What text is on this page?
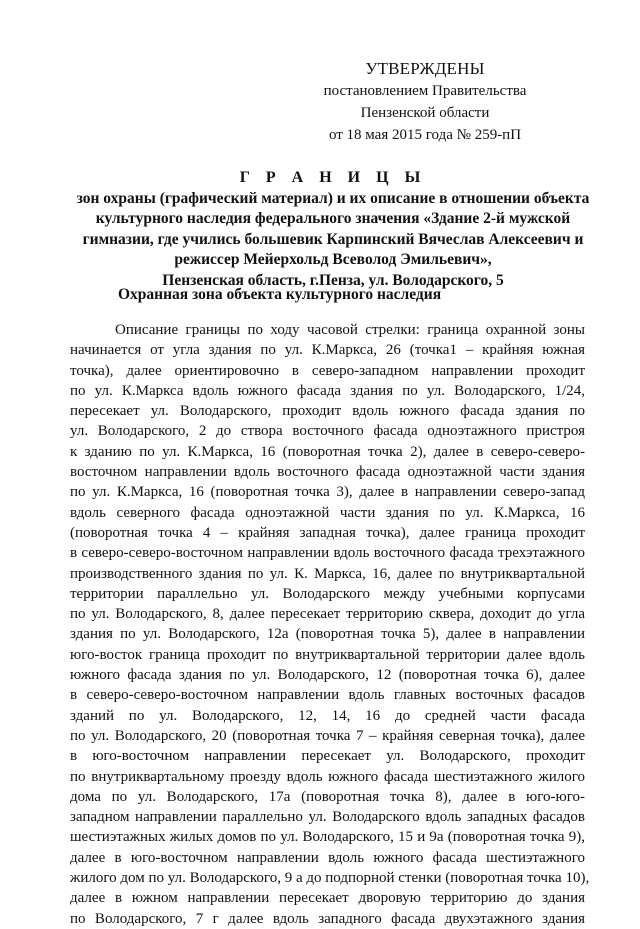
УТВЕРЖДЕНЫ
постановлением Правительства
Пензенской области
от 18 мая 2015 года № 259-пП
Г Р А Н И Ц Ы
зон охраны (графический материал) и их описание в отношении объекта
культурного наследия федерального значения «Здание 2-й мужской
гимназии, где учились большевик Карпинский Вячеслав Алексеевич и
режиссер Мейерхольд Всеволод Эмильевич»,
Пензенская область, г.Пенза, ул. Володарского, 5
Охранная зона объекта культурного наследия
Описание границы по ходу часовой стрелки: граница охранной зоны
начинается от угла здания по ул. К.Маркса, 26 (точка1 – крайняя южная
точка), далее ориентировочно в северо-западном направлении проходит
по ул. К.Маркса вдоль южного фасада здания по ул. Володарского, 1/24,
пересекает ул. Володарского, проходит вдоль южного фасада здания по
ул. Володарского, 2 до створа восточного фасада одноэтажного пристроя
к зданию по ул. К.Маркса, 16 (поворотная точка 2), далее в северо-северо-
восточном направлении вдоль восточного фасада одноэтажной части здания
по ул. К.Маркса, 16 (поворотная точка 3), далее в направлении северо-запад
вдоль северного фасада одноэтажной части здания по ул. К.Маркса, 16
(поворотная точка 4 – крайняя западная точка), далее граница проходит
в северо-северо-восточном направлении вдоль восточного фасада трехэтажного
производственного здания по ул. К. Маркса, 16, далее по внутриквартальной
территории параллельно ул. Володарского между учебными корпусами
по ул. Володарского, 8, далее пересекает территорию сквера, доходит до угла
здания по ул. Володарского, 12а (поворотная точка 5), далее в направлении
юго-восток граница проходит по внутриквартальной территории далее вдоль
южного фасада здания по ул. Володарского, 12 (поворотная точка 6), далее
в северо-северо-восточном направлении вдоль главных восточных фасадов
зданий по ул. Володарского, 12, 14, 16 до средней части фасада
по ул. Володарского, 20 (поворотная точка 7 – крайняя северная точка), далее
в юго-восточном направлении пересекает ул. Володарского, проходит
по внутриквартальному проезду вдоль южного фасада шестиэтажного жилого
дома по ул. Володарского, 17а (поворотная точка 8), далее в юго-юго-
западном направлении параллельно ул. Володарского вдоль западных фасадов
шестиэтажных жилых домов по ул. Володарского, 15 и 9а (поворотная точка 9),
далее в юго-восточном направлении вдоль южного фасада шестиэтажного
жилого дом по ул. Володарского, 9 а до подпорной стенки (поворотная точка 10),
далее в южном направлении пересекает дворовую территорию до здания
по Володарского, 7 г далее вдоль западного фасада двухэтажного здания
